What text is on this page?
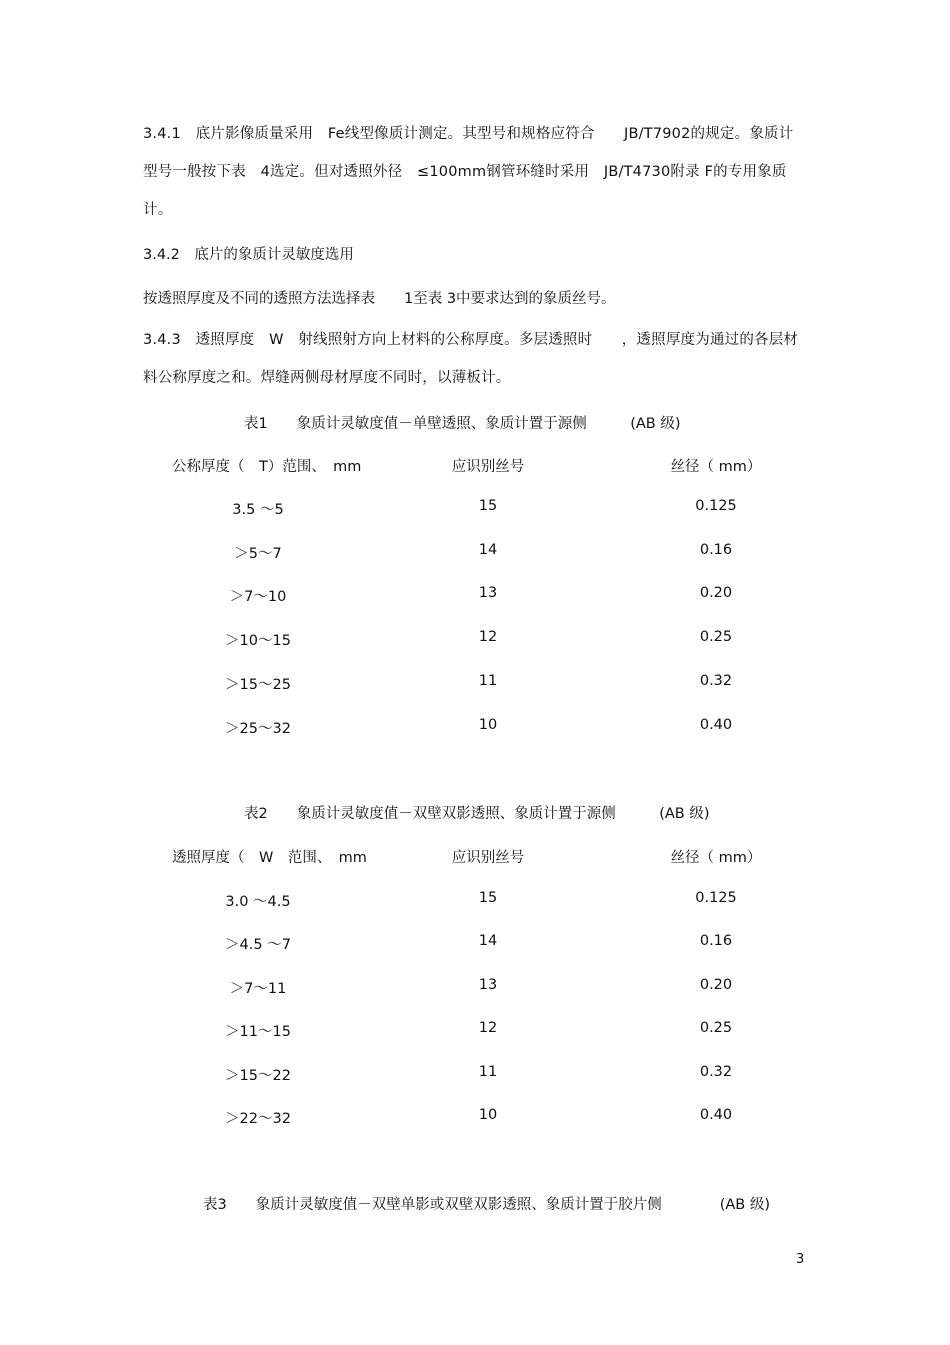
3.4.1　底片影像质量采用　Fe线型像质计测定。其型号和规格应符合　　JB/T7902的规定。象质计型号一般按下表　4选定。但对透照外径　≤100mm钢管环缝时采用　JB/T4730附录 F的专用象质计。

3.4.2　底片的象质计灵敏度选用
按透照厚度及不同的透照方法选择表　　1至表 3中要求达到的象质丝号。

3.4.3　透照厚度　W　射线照射方向上材料的公称厚度。多层透照时　　，透照厚度为通过的各层材料公称厚度之和。焊缝两侧母材厚度不同时，以薄板计。

表1　　象质计灵敏度值－单壁透照、象质计置于源侧　　　(AB 级)
公称厚度（　T）范围、　mm	应识别丝号	丝径（ mm）
3.5 ～5	15	0.125
＞5～7	14	0.16
＞7～10	13	0.20
＞10～15	12	0.25
＞15～25	11	0.32
＞25～32	10	0.40
表2　　象质计灵敏度值－双壁双影透照、象质计置于源侧　　　(AB 级)
透照厚度（　W　范围、　mm	应识别丝号	丝径（ mm）
3.0 ～4.5	15	0.125
＞4.5 ～7	14	0.16
＞7～11	13	0.20
＞11～15	12	0.25
＞15～22	11	0.32
＞22～32	10	0.40
表3　　象质计灵敏度值－双壁单影或双壁双影透照、象质计置于胶片侧　　　　(AB 级)
3
